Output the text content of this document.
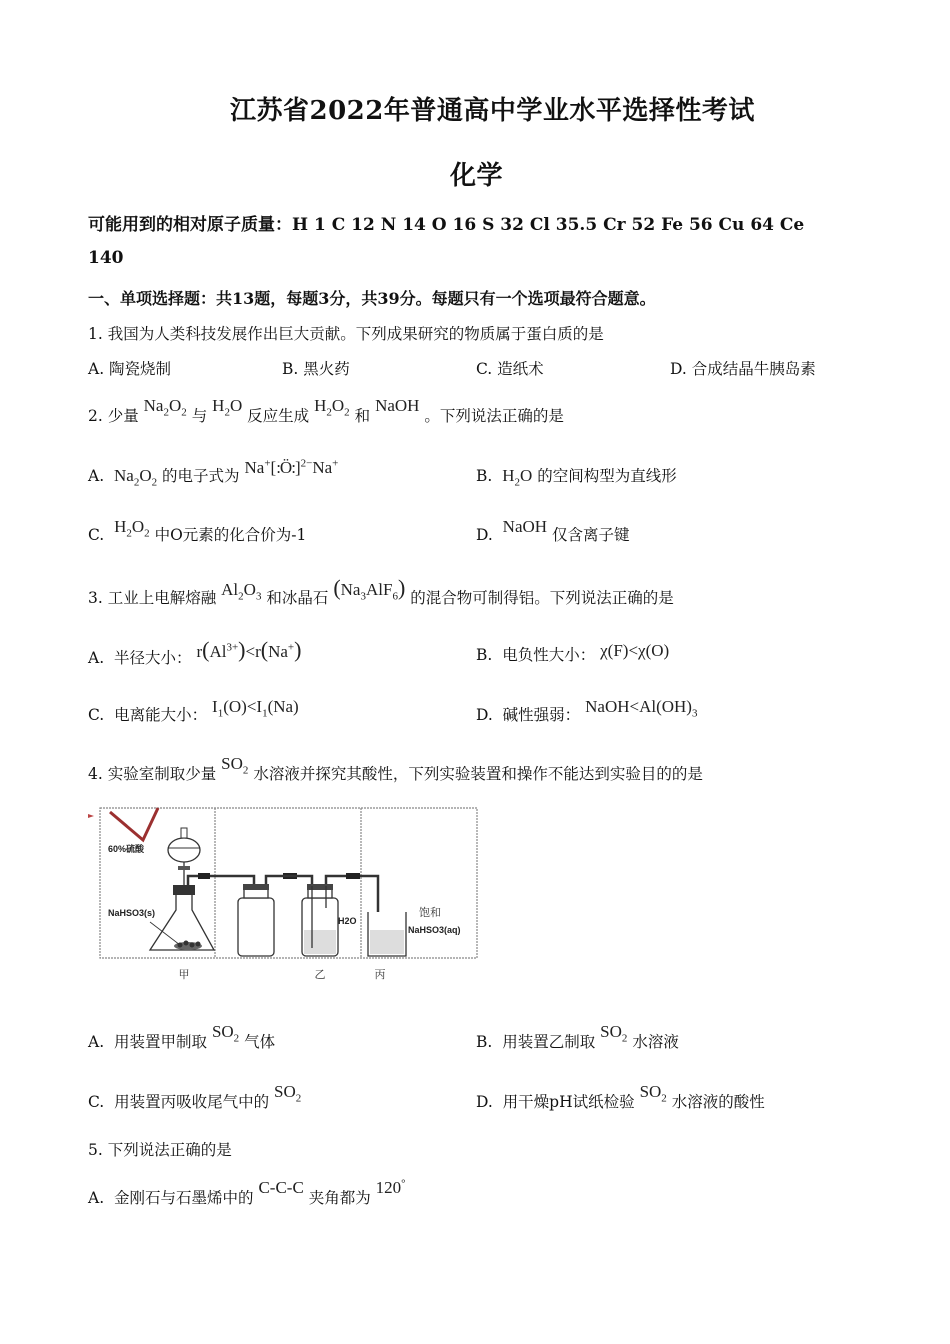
江苏省2022年普通高中学业水平选择性考试
化学
可能用到的相对原子质量：H 1 C 12 N 14 O 16 S 32 Cl 35.5 Cr 52 Fe 56 Cu 64 Ce
140
一、单项选择题：共13题，每题3分，共39分。每题只有一个选项最符合题意。
1. 我国为人类科技发展作出巨大贡献。下列成果研究的物质属于蛋白质的是
A. 陶瓷烧制	B. 黑火药	C. 造纸术	D. 合成结晶牛胰岛素
2. 少量 $Na_2O_2$ 与 $H_2O$ 反应生成 $H_2O_2$ 和 NaOH 。下列说法正确的是
A. $Na_2O_2$ 的电子式为 Na+[:Ö:]$^{2-}$Na+
B. $H_2O$ 的空间构型为直线形
C. $H_2O_2$ 中O元素的化合价为-1	D. NaOH 仅含离子键
3. 工业上电解熔融 $Al_2O_3$ 和冰晶石 $(Na_3AlF_6)$ 的混合物可制得铝。下列说法正确的是
A. 半径大小： $r(Al^{3+})<r(Na^+)$	B. 电负性大小： χ(F)<χ(O)
C. 电离能大小： $I_1(O)<I_1(Na)$	D. 碱性强弱： $NaOH<Al(OH)_3$
4. 实验室制取少量 $SO_2$ 水溶液并探究其酸性，下列实验装置和操作不能达到实验目的的是
60%硫酸
NaHSO3(s)
H2O
饱和
NaHSO3(aq)
甲	乙	丙
A. 用装置甲制取 $SO_2$ 气体	B. 用装置乙制取 $SO_2$ 水溶液
C. 用装置丙吸收尾气中的 $SO_2$	D. 用干燥pH试纸检验 $SO_2$ 水溶液的酸性
5. 下列说法正确的是
A. 金刚石与石墨烯中的 C-C-C 夹角都为 120°
